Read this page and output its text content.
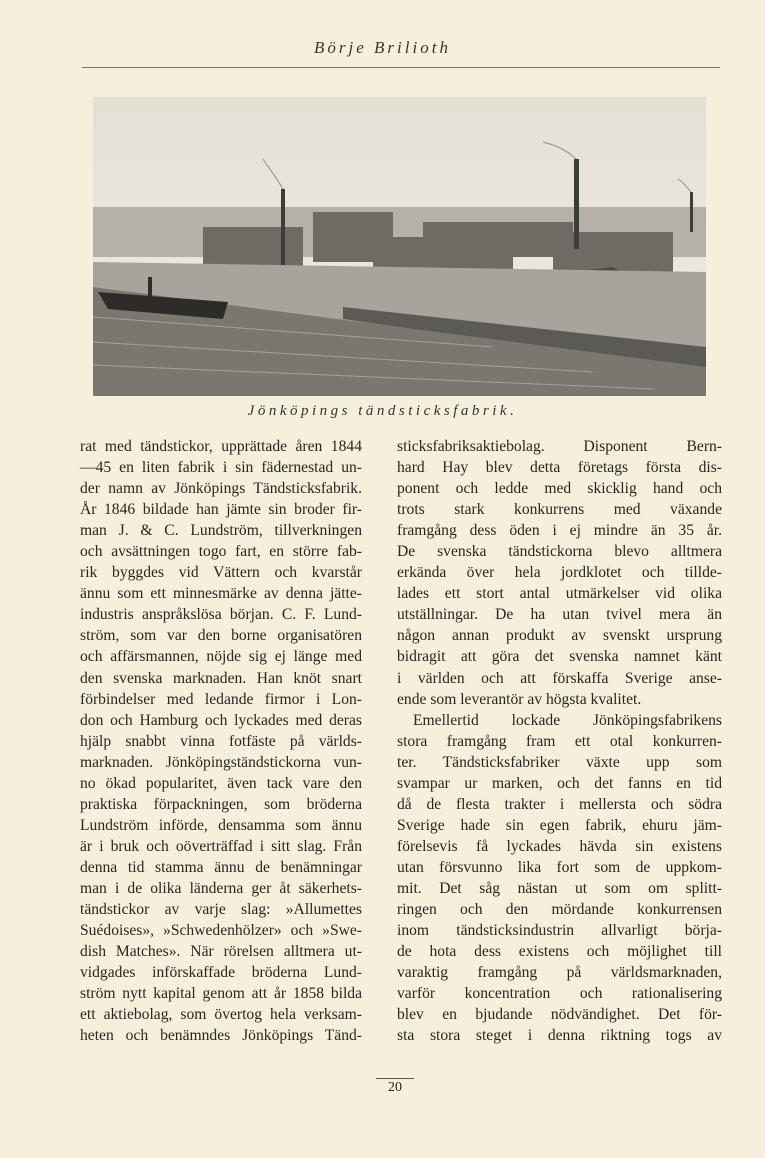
Börje Brilioth
Jönköpings tändsticksfabrik.
rat med tändstickor, upprättade åren 1844
—45 en liten fabrik i sin fädernestad un-
der namn av Jönköpings Tändsticksfabrik.
År 1846 bildade han jämte sin broder fir-
man J. & C. Lundström, tillverkningen
och avsättningen togo fart, en större fab-
rik byggdes vid Vättern och kvarstår
ännu som ett minnesmärke av denna jätte-
industris anspråkslösa början. C. F. Lund-
ström, som var den borne organisatören
och affärsmannen, nöjde sig ej länge med
den svenska marknaden. Han knöt snart
förbindelser med ledande firmor i Lon-
don och Hamburg och lyckades med deras
hjälp snabbt vinna fotfäste på världs-
marknaden. Jönköpingständstickorna vun-
no ökad popularitet, även tack vare den
praktiska förpackningen, som bröderna
Lundström införde, densamma som ännu
är i bruk och oöverträffad i sitt slag. Från
denna tid stamma ännu de benämningar
man i de olika länderna ger åt säkerhets-
tändstickor av varje slag: »Allumettes
Suédoises», »Schwedenhölzer» och »Swe-
dish Matches». När rörelsen alltmera ut-
vidgades införskaffade bröderna Lund-
ström nytt kapital genom att år 1858 bilda
ett aktiebolag, som övertog hela verksam-
heten och benämndes Jönköpings Tänd-
sticksfabriksaktiebolag. Disponent Bern-
hard Hay blev detta företags första dis-
ponent och ledde med skicklig hand och
trots stark konkurrens med växande
framgång dess öden i ej mindre än 35 år.
De svenska tändstickorna blevo alltmera
erkända över hela jordklotet och tillde-
lades ett stort antal utmärkelser vid olika
utställningar. De ha utan tvivel mera än
någon annan produkt av svenskt ursprung
bidragit att göra det svenska namnet känt
i världen och att förskaffa Sverige anse-
ende som leverantör av högsta kvalitet.
Emellertid lockade Jönköpingsfabrikens
stora framgång fram ett otal konkurren-
ter. Tändsticksfabriker växte upp som
svampar ur marken, och det fanns en tid
då de flesta trakter i mellersta och södra
Sverige hade sin egen fabrik, ehuru jäm-
förelsevis få lyckades hävda sin existens
utan försvunno lika fort som de uppkom-
mit. Det såg nästan ut som om splitt-
ringen och den mördande konkurrensen
inom tändsticksindustrin allvarligt börja-
de hota dess existens och möjlighet till
varaktig framgång på världsmarknaden,
varför koncentration och rationalisering
blev en bjudande nödvändighet. Det för-
sta stora steget i denna riktning togs av
20
